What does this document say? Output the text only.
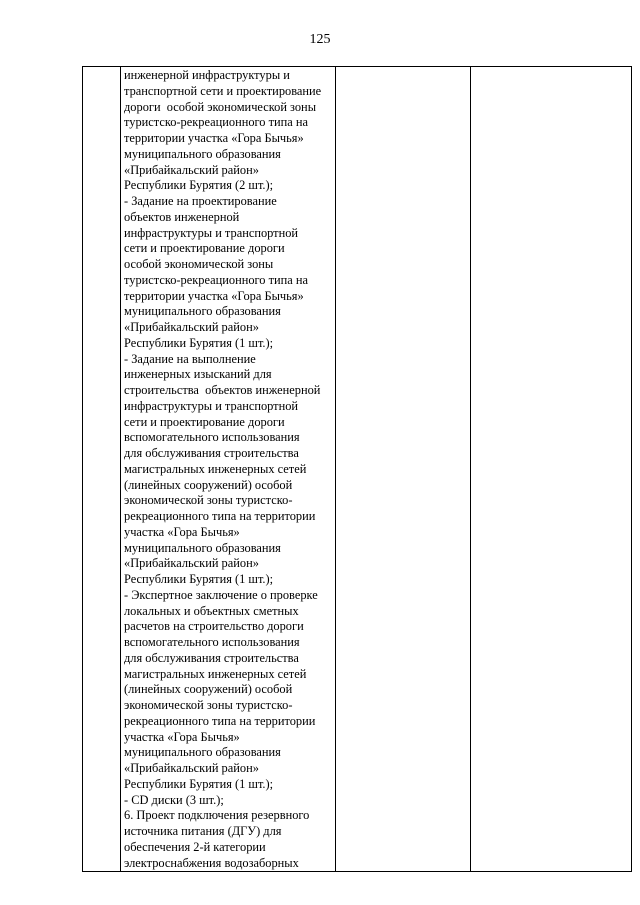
125

инженерной инфраструктуры и
транспортной сети и проектирование
дороги  особой экономической зоны
туристско-рекреационного типа на
территории участка «Гора Бычья»
муниципального образования
«Прибайкальский район»
Республики Бурятия (2 шт.);
- Задание на проектирование
объектов инженерной
инфраструктуры и транспортной
сети и проектирование дороги
особой экономической зоны
туристско-рекреационного типа на
территории участка «Гора Бычья»
муниципального образования
«Прибайкальский район»
Республики Бурятия (1 шт.);
- Задание на выполнение
инженерных изысканий для
строительства  объектов инженерной
инфраструктуры и транспортной
сети и проектирование дороги
вспомогательного использования
для обслуживания строительства
магистральных инженерных сетей
(линейных сооружений) особой
экономической зоны туристско-
рекреационного типа на территории
участка «Гора Бычья»
муниципального образования
«Прибайкальский район»
Республики Бурятия (1 шт.);
- Экспертное заключение о проверке
локальных и объектных сметных
расчетов на строительство дороги
вспомогательного использования
для обслуживания строительства
магистральных инженерных сетей
(линейных сооружений) особой
экономической зоны туристско-
рекреационного типа на территории
участка «Гора Бычья»
муниципального образования
«Прибайкальский район»
Республики Бурятия (1 шт.);
- CD диски (3 шт.);
6. Проект подключения резервного
источника питания (ДГУ) для
обеспечения 2-й категории
электроснабжения водозаборных
